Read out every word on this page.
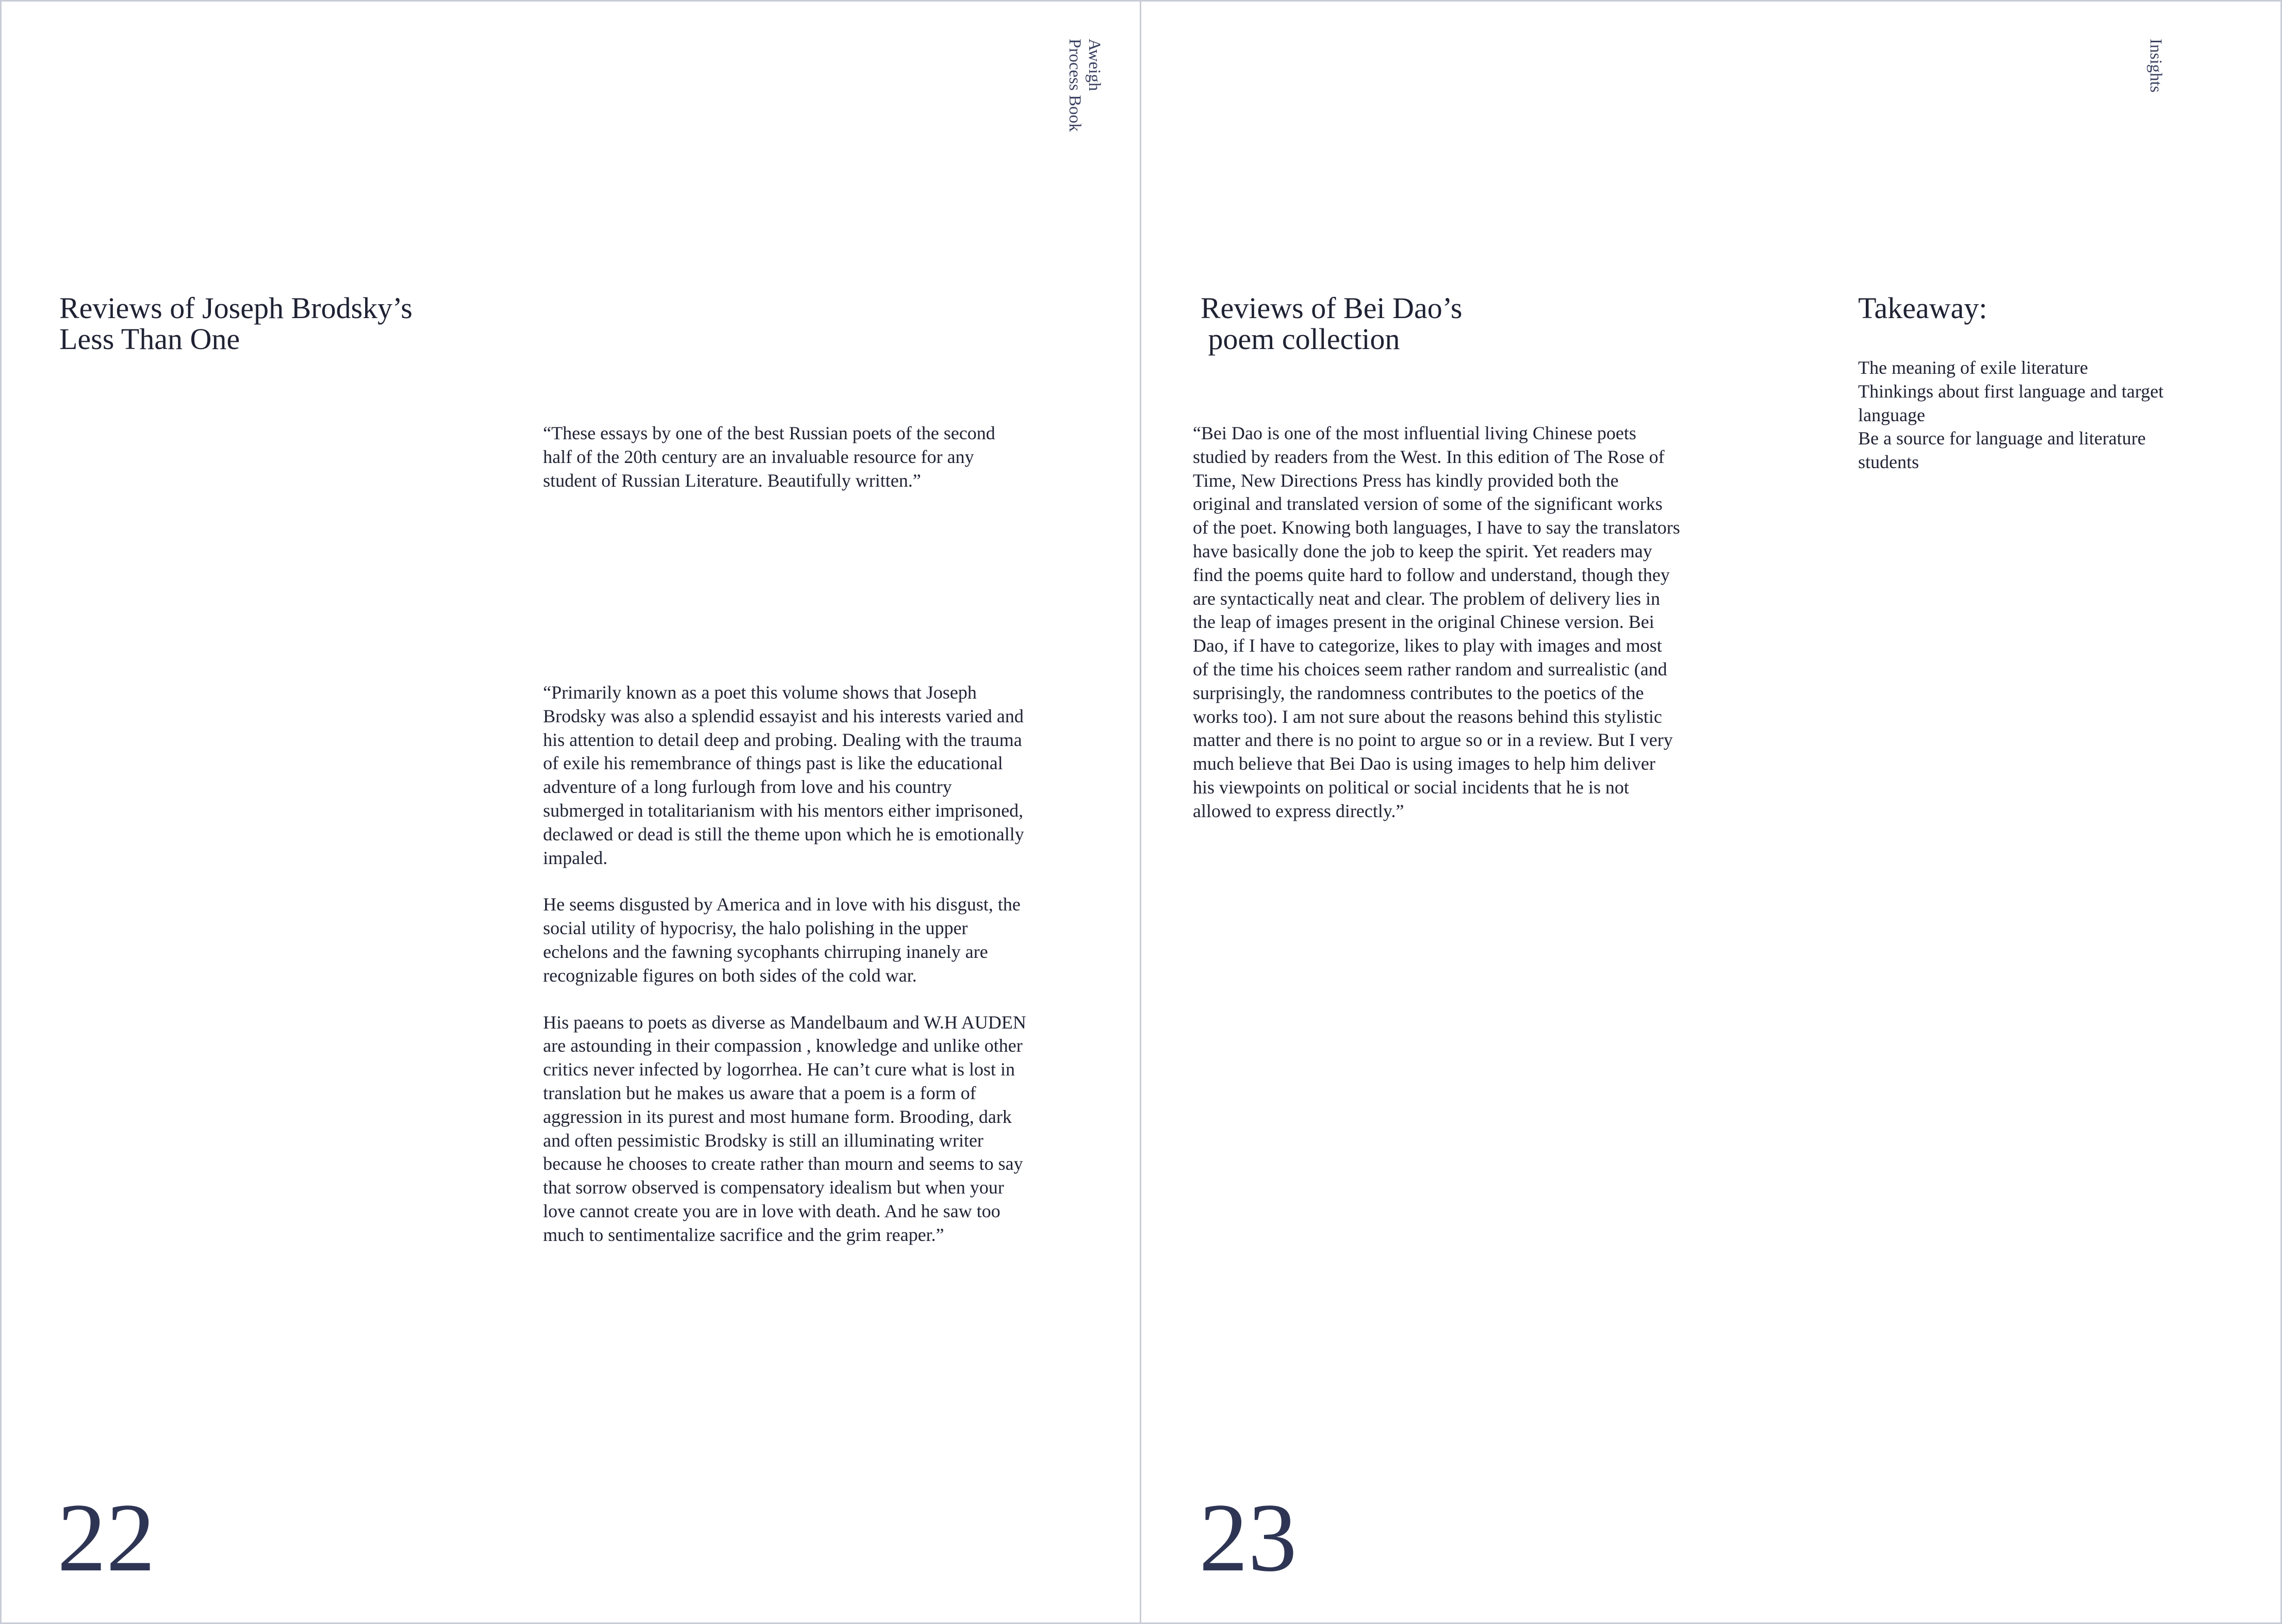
Aweigh
Process Book
Reviews of Joseph Brodsky’s
Less Than One

“These essays by one of the best Russian poets of the second half of the 20th century are an invaluable resource for any student of Russian Literature. Beautifully written.”

“Primarily known as a poet this volume shows that Joseph Brodsky was also a splendid essayist and his interests varied and his attention to detail deep and probing. Dealing with the trauma of exile his remembrance of things past is like the educational adventure of a long furlough from love and his country submerged in totalitarianism with his mentors either imprisoned, declawed or dead is still the theme upon which he is emotionally impaled.

He seems disgusted by America and in love with his disgust, the social utility of hypocrisy, the halo polishing in the upper echelons and the fawning sycophants chirruping inanely are recognizable figures on both sides of the cold war.

His paeans to poets as diverse as Mandelbaum and W.H AUDEN are astounding in their compassion , knowledge and unlike other critics never infected by logorrhea. He can’t cure what is lost in translation but he makes us aware that a poem is a form of aggression in its purest and most humane form. Brooding, dark and often pessimistic Brodsky is still an illuminating writer because he chooses to create rather than mourn and seems to say that sorrow observed is compensatory idealism but when your love cannot create you are in love with death. And he saw too much to sentimentalize sacrifice and the grim reaper.”

22
Insights
Reviews of Bei Dao’s
poem collection

“Bei Dao is one of the most influential living Chinese poets studied by readers from the West. In this edition of The Rose of Time, New Directions Press has kindly provided both the original and translated version of some of the significant works of the poet. Knowing both languages, I have to say the translators have basically done the job to keep the spirit. Yet readers may find the poems quite hard to follow and understand, though they are syntactically neat and clear. The problem of delivery lies in the leap of images present in the original Chinese version. Bei Dao, if I have to categorize, likes to play with images and most of the time his choices seem rather random and surrealistic (and surprisingly, the randomness contributes to the poetics of the works too). I am not sure about the reasons behind this stylistic matter and there is no point to argue so or in a review. But I very much believe that Bei Dao is using images to help him deliver his viewpoints on political or social incidents that he is not allowed to express directly.”

Takeaway:
The meaning of exile literature
Thinkings about first language and target language
Be a source for language and literature students
23
